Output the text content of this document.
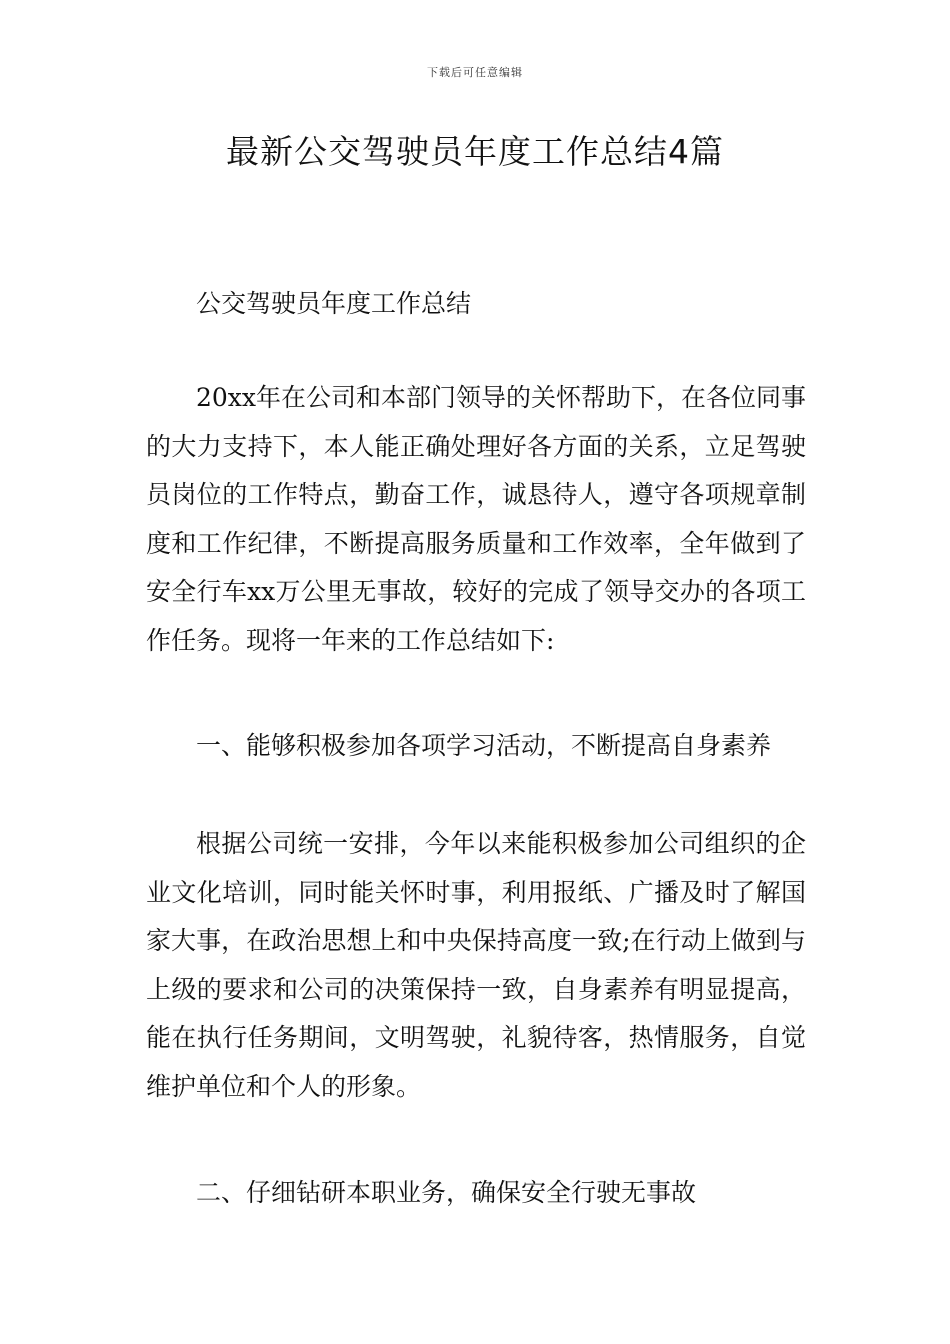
下载后可任意编辑
最新公交驾驶员年度工作总结4篇

公交驾驶员年度工作总结

20xx年在公司和本部门领导的关怀帮助下，在各位同事的大力支持下，本人能正确处理好各方面的关系，立足驾驶员岗位的工作特点，勤奋工作，诚恳待人，遵守各项规章制度和工作纪律，不断提高服务质量和工作效率，全年做到了安全行车xx万公里无事故，较好的完成了领导交办的各项工作任务。现将一年来的工作总结如下:

一、能够积极参加各项学习活动，不断提高自身素养

根据公司统一安排，今年以来能积极参加公司组织的企业文化培训，同时能关怀时事，利用报纸、广播及时了解国家大事，在政治思想上和中央保持高度一致;在行动上做到与上级的要求和公司的决策保持一致，自身素养有明显提高，能在执行任务期间，文明驾驶，礼貌待客，热情服务，自觉维护单位和个人的形象。

二、仔细钻研本职业务，确保安全行驶无事故
